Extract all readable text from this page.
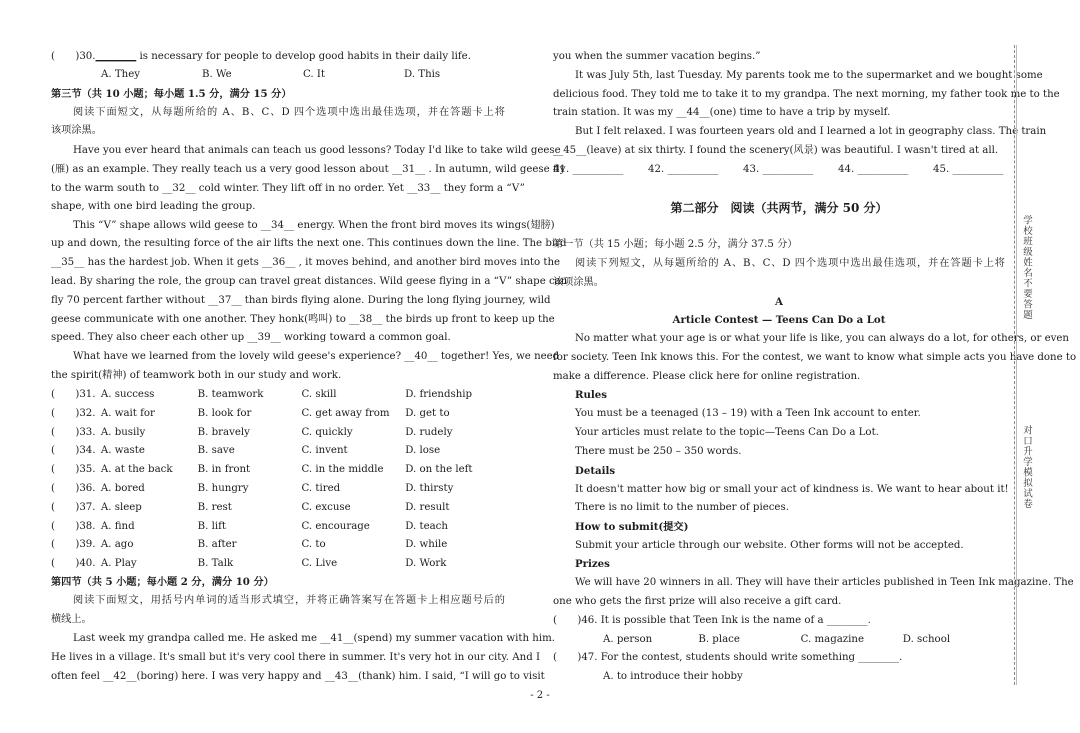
(　　)30.________ is necessary for people to develop good habits in their daily life.
A. They	B. We	C. It	D. This
第三节（共 10 小题；每小题 1.5 分，满分 15 分）
阅读下面短文，从每题所给的 A、B、C、D 四个选项中选出最佳选项，并在答题卡上将
该项涂黑。
Have you ever heard that animals can teach us good lessons? Today I'd like to take wild geese
(雁) as an example. They really teach us a very good lesson about __31__ . In autumn, wild geese fly
to the warm south to __32__ cold winter. They lift off in no order. Yet __33__ they form a “V”
shape, with one bird leading the group.
This “V” shape allows wild geese to __34__ energy. When the front bird moves its wings(翅膀)
up and down, the resulting force of the air lifts the next one. This continues down the line. The bird
__35__ has the hardest job. When it gets __36__ , it moves behind, and another bird moves into the
lead. By sharing the role, the group can travel great distances. Wild geese flying in a “V” shape can
fly 70 percent farther without __37__ than birds flying alone. During the long flying journey, wild
geese communicate with one another. They honk(鸣叫) to __38__ the birds up front to keep up the
speed. They also cheer each other up __39__ working toward a common goal.
What have we learned from the lovely wild geese's experience? __40__ together! Yes, we need
the spirit(精神) of teamwork both in our study and work.
(　　)31. A. success	B. teamwork	C. skill	D. friendship
(　　)32. A. wait for	B. look for	C. get away from	D. get to
(　　)33. A. busily	B. bravely	C. quickly	D. rudely
(　　)34. A. waste	B. save	C. invent	D. lose
(　　)35. A. at the back	B. in front	C. in the middle	D. on the left
(　　)36. A. bored	B. hungry	C. tired	D. thirsty
(　　)37. A. sleep	B. rest	C. excuse	D. result
(　　)38. A. find	B. lift	C. encourage	D. teach
(　　)39. A. ago	B. after	C. to	D. while
(　　)40. A. Play	B. Talk	C. Live	D. Work
第四节（共 5 小题；每小题 2 分，满分 10 分）
阅读下面短文，用括号内单词的适当形式填空，并将正确答案写在答题卡上相应题号后的
横线上。
Last week my grandpa called me. He asked me __41__(spend) my summer vacation with him.
He lives in a village. It's small but it's very cool there in summer. It's very hot in our city. And I
often feel __42__(boring) here. I was very happy and __43__(thank) him. I said, “I will go to visit
you when the summer vacation begins.”
It was July 5th, last Tuesday. My parents took me to the supermarket and we bought some
delicious food. They told me to take it to my grandpa. The next morning, my father took me to the
train station. It was my __44__(one) time to have a trip by myself.
But I felt relaxed. I was fourteen years old and I learned a lot in geography class. The train
__45__(leave) at six thirty. I found the scenery(风景) was beautiful. I wasn't tired at all.
41. __________	42. __________	43. __________	44. __________	45. __________
第二部分　阅读（共两节，满分 50 分）
第一节（共 15 小题；每小题 2.5 分，满分 37.5 分）
阅读下列短文，从每题所给的 A、B、C、D 四个选项中选出最佳选项，并在答题卡上将
该项涂黑。
A
Article Contest — Teens Can Do a Lot
No matter what your age is or what your life is like, you can always do a lot, for others, or even
for society. Teen Ink knows this. For the contest, we want to know what simple acts you have done to
make a difference. Please click here for online registration.
Rules
You must be a teenaged (13 – 19) with a Teen Ink account to enter.
Your articles must relate to the topic—Teens Can Do a Lot.
There must be 250 – 350 words.
Details
It doesn't matter how big or small your act of kindness is. We want to hear about it!
There is no limit to the number of pieces.
How to submit(提交)
Submit your article through our website. Other forms will not be accepted.
Prizes
We will have 20 winners in all. They will have their articles published in Teen Ink magazine. The
one who gets the first prize will also receive a gift card.
(　　)46. It is possible that Teen Ink is the name of a ________.
A. person	B. place	C. magazine	D. school
(　　)47. For the contest, students should write something ________.
A. to introduce their hobby
学校班级姓名不要答题
对口升学模拟试卷
- 2 -
